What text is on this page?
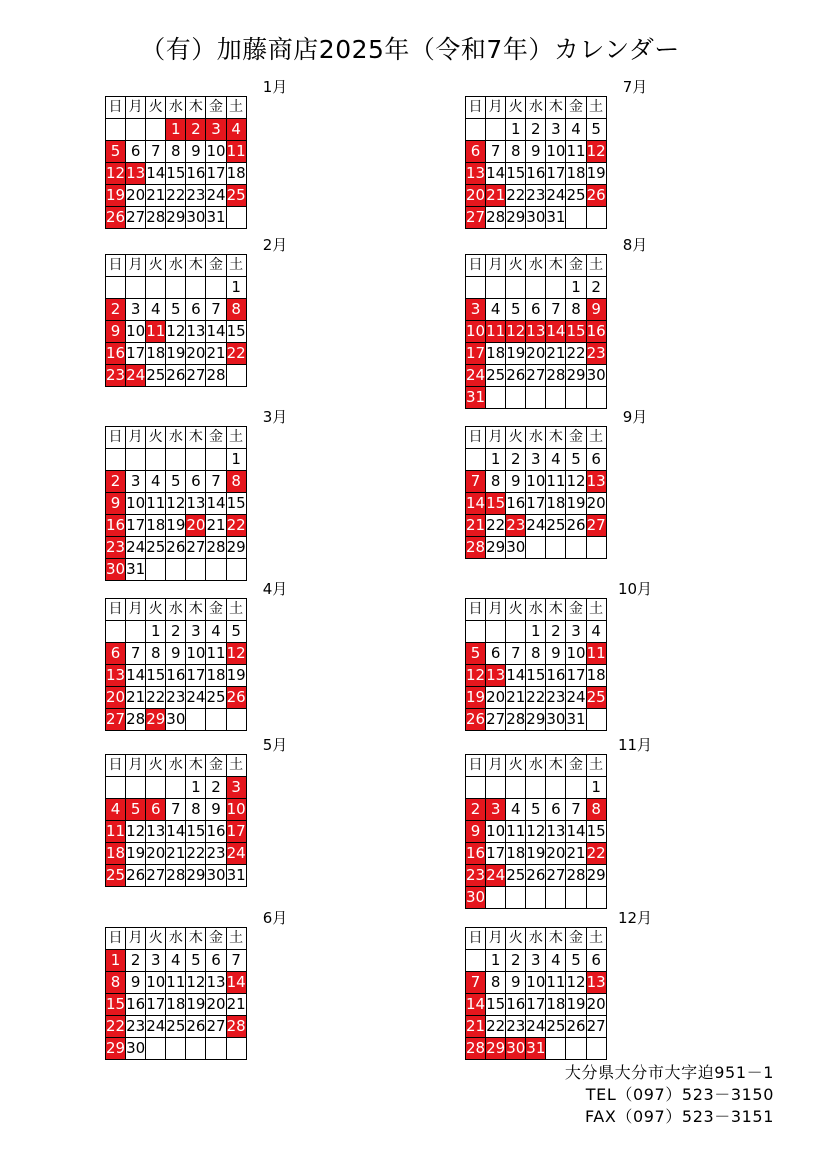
（有）加藤商店2025年（令和7年）カレンダー
1月
日	月	火	水	木	金	土
			1	2	3	4
5	6	7	8	9	10	11
12	13	14	15	16	17	18
19	20	21	22	23	24	25
26	27	28	29	30	31	
2月
日	月	火	水	木	金	土
						1
2	3	4	5	6	7	8
9	10	11	12	13	14	15
16	17	18	19	20	21	22
23	24	25	26	27	28	
3月
日	月	火	水	木	金	土
						1
2	3	4	5	6	7	8
9	10	11	12	13	14	15
16	17	18	19	20	21	22
23	24	25	26	27	28	29
30	31					
4月
日	月	火	水	木	金	土
		1	2	3	4	5
6	7	8	9	10	11	12
13	14	15	16	17	18	19
20	21	22	23	24	25	26
27	28	29	30			
5月
日	月	火	水	木	金	土
				1	2	3
4	5	6	7	8	9	10
11	12	13	14	15	16	17
18	19	20	21	22	23	24
25	26	27	28	29	30	31
6月
日	月	火	水	木	金	土
1	2	3	4	5	6	7
8	9	10	11	12	13	14
15	16	17	18	19	20	21
22	23	24	25	26	27	28
29	30					
7月
日	月	火	水	木	金	土
		1	2	3	4	5
6	7	8	9	10	11	12
13	14	15	16	17	18	19
20	21	22	23	24	25	26
27	28	29	30	31		
8月
日	月	火	水	木	金	土
					1	2
3	4	5	6	7	8	9
10	11	12	13	14	15	16
17	18	19	20	21	22	23
24	25	26	27	28	29	30
31						
9月
日	月	火	水	木	金	土
	1	2	3	4	5	6
7	8	9	10	11	12	13
14	15	16	17	18	19	20
21	22	23	24	25	26	27
28	29	30				
10月
日	月	火	水	木	金	土
			1	2	3	4
5	6	7	8	9	10	11
12	13	14	15	16	17	18
19	20	21	22	23	24	25
26	27	28	29	30	31	
11月
日	月	火	水	木	金	土
						1
2	3	4	5	6	7	8
9	10	11	12	13	14	15
16	17	18	19	20	21	22
23	24	25	26	27	28	29
30						
12月
日	月	火	水	木	金	土
	1	2	3	4	5	6
7	8	9	10	11	12	13
14	15	16	17	18	19	20
21	22	23	24	25	26	27
28	29	30	31			
大分県大分市大字迫951－1
TEL（097）523－3150
FAX（097）523－3151
